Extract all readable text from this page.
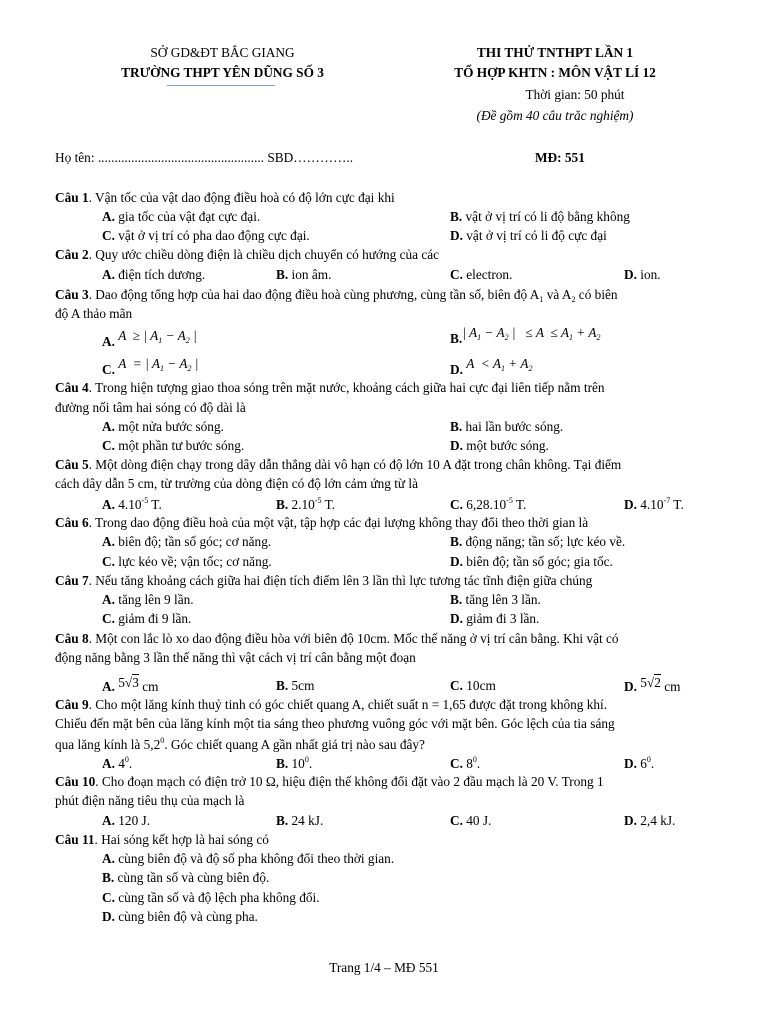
SỞ GD&ĐT BẮC GIANG
TRƯỜNG THPT YÊN DŨNG SỐ 3
THI THỬ TNTHPT LẦN 1
TỔ HỢP KHTN : MÔN VẬT LÍ 12
Thời gian: 50 phút
(Đề gồm 40 câu trăc nghiệm)
Họ tên: .................................................. SBD…………..	MĐ: 551
Câu 1. Vận tốc của vật dao động điều hoà có độ lớn cực đại khi
A. gia tốc của vật đạt cực đại.	B. vật ở vị trí có li độ bằng không
C. vật ở vị trí có pha dao động cực đại.	D. vật ở vị trí có li độ cực đại
Câu 2. Quy ước chiều dòng điện là chiều dịch chuyển có hướng của các
A. điện tích dương.	B. ion âm.	C. electron.	D. ion.
Câu 3. Dao động tổng hợp của hai dao động điều hoà cùng phương, cùng tần số, biên độ $A_1$ và $A_2$ có biên
độ A thảo mãn
A. A  ≥ | $A_1 - A_2$ |	B.| $A_1 - A_2$ |   ≤ $A \le A_1 + A_2$
C. A  = | $A_1 - A_2$ |	D. $A < A_1 + A_2$
Câu 4. Trong hiện tượng giao thoa sóng trên mặt nước, khoảng cách giữa hai cực đại liên tiếp nằm trên
đường nối tâm hai sóng có độ dài là
A. một nửa bước sóng.	B. hai lần bước sóng.
C. một phần tư bước sóng.	D. một bước sóng.
Câu 5. Một dòng điện chạy trong dây dẫn thẳng dài vô hạn có độ lớn 10 A đặt trong chân không. Tại điểm
cách dây dẫn 5 cm, từ trường của dòng điện có độ lớn cảm ứng từ là
A. $4.10^{-5}$ T.	B. $2.10^{-5}$ T.	C. $6,28.10^{-5}$ T.	D. $4.10^{-7}$ T.
Câu 6. Trong dao động điều hoà của một vật, tập hợp các đại lượng không thay đổi theo thời gian là
A. biên độ; tần số góc; cơ năng.	B. động năng; tần số; lực kéo về.
C. lực kéo về; vận tốc; cơ năng.	D. biên độ; tần số góc; gia tốc.
Câu 7. Nếu tăng khoảng cách giữa hai điện tích điểm lên 3 lần thì lực tương tác tĩnh điện giữa chúng
A. tăng lên 9 lần.	B. tăng lên 3 lần.
C. giảm đi 9 lần.	D. giảm đi 3 lần.
Câu 8. Một con lắc lò xo dao động điều hòa với biên độ 10cm. Mốc thế năng ở vị trí cân bằng. Khi vật có
động năng bằng 3 lần thế năng thì vật cách vị trí cân bằng một đoạn
A. 5√3 cm	B. 5cm	C. 10cm	D. 5√2 cm
Câu 9. Cho một lăng kính thuỷ tinh có góc chiết quang A, chiết suất n = 1,65 được đặt trong không khí.
Chiếu đến mặt bên của lăng kính một tia sáng theo phương vuông góc với mặt bên. Góc lệch của tia sáng
qua lăng kính là $5,2^0$. Góc chiết quang A gần nhất giá trị nào sau đây?
A. $4^0$.	B. $10^0$.	C. $8^0$.	D. $6^0$.
Câu 10. Cho đoạn mạch có điện trở 10 Ω, hiệu điện thế không đổi đặt vào 2 đầu mạch là 20 V. Trong 1
phút điện năng tiêu thụ của mạch là
A. 120 J.	B. 24 kJ.	C. 40 J.	D. 2,4 kJ.
Câu 11. Hai sóng kết hợp là hai sóng có
A. cùng biên độ và độ số pha không đổi theo thời gian.
B. cùng tần số và cùng biên độ.
C. cùng tần số và độ lệch pha không đổi.
D. cùng biên độ và cùng pha.
Trang 1/4 – MĐ 551
